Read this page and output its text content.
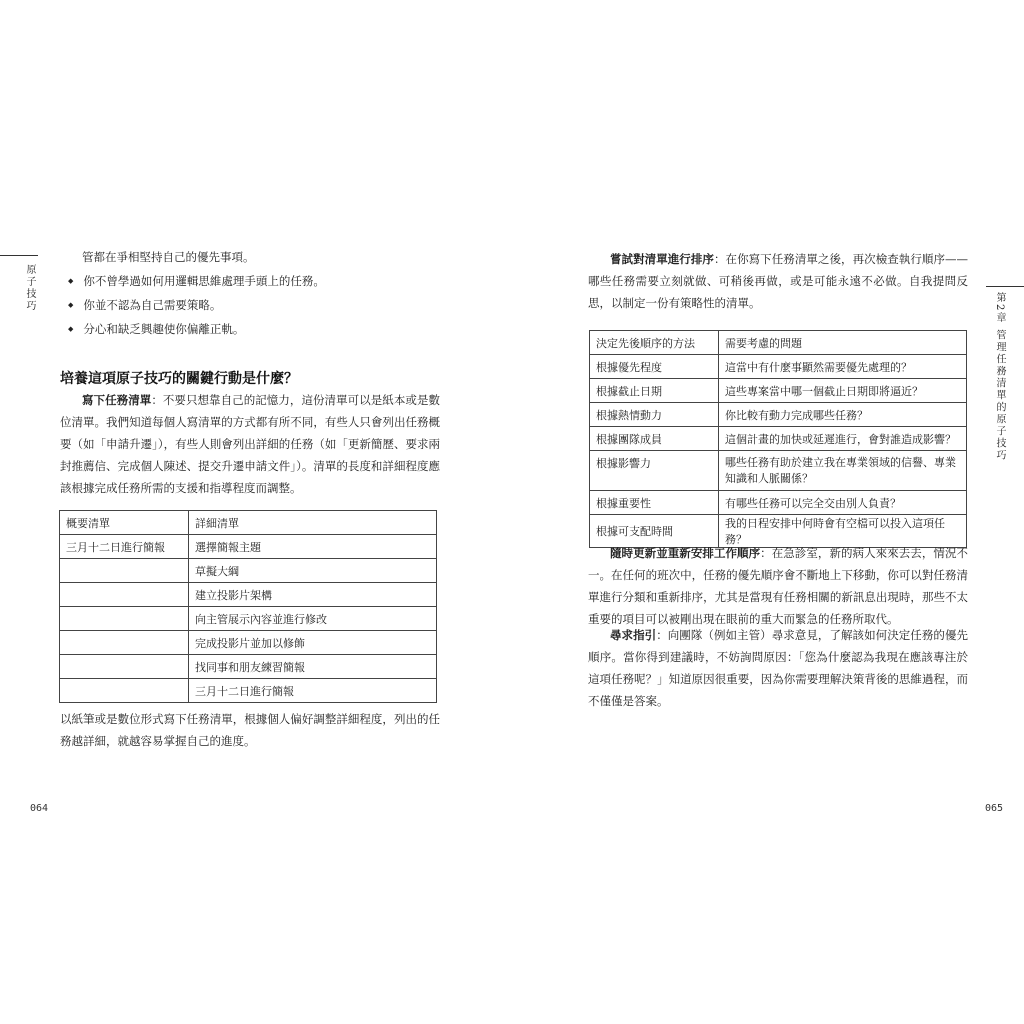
原子技巧
管都在爭相堅持自己的優先事項。
◆ 你不曾學過如何用邏輯思維處理手頭上的任務。
◆ 你並不認為自己需要策略。
◆ 分心和缺乏興趣使你偏離正軌。
培養這項原子技巧的關鍵行動是什麼？
寫下任務清單：不要只想靠自己的記憶力，這份清單可以是紙本或是數位清單。我們知道每個人寫清單的方式都有所不同，有些人只會列出任務概要（如「申請升遷」），有些人則會列出詳細的任務（如「更新簡歷、要求兩封推薦信、完成個人陳述、提交升遷申請文件」）。清單的長度和詳細程度應該根據完成任務所需的支援和指導程度而調整。
概要清單	詳細清單
三月十二日進行簡報	選擇簡報主題
	草擬大綱
	建立投影片架構
	向主管展示內容並進行修改
	完成投影片並加以修飾
	找同事和朋友練習簡報
	三月十二日進行簡報
以紙筆或是數位形式寫下任務清單，根據個人偏好調整詳細程度，列出的任務越詳細，就越容易掌握自己的進度。
064
嘗試對清單進行排序：在你寫下任務清單之後，再次檢查執行順序——哪些任務需要立刻就做、可稍後再做，或是可能永遠不必做。自我提問反思，以制定一份有策略性的清單。
決定先後順序的方法	需要考慮的問題
根據優先程度	這當中有什麼事顯然需要優先處理的？
根據截止日期	這些專案當中哪一個截止日期即將逼近？
根據熱情動力	你比較有動力完成哪些任務？
根據團隊成員	這個計畫的加快或延遲進行，會對誰造成影響？
根據影響力	哪些任務有助於建立我在專業領域的信譽、專業知識和人脈關係？
根據重要性	有哪些任務可以完全交由別人負責？
根據可支配時間	我的日程安排中何時會有空檔可以投入這項任務？
隨時更新並重新安排工作順序：在急診室，新的病人來來去去，情況不一。在任何的班次中，任務的優先順序會不斷地上下移動，你可以對任務清單進行分類和重新排序，尤其是當現有任務相關的新訊息出現時，那些不太重要的項目可以被剛出現在眼前的重大而緊急的任務所取代。
尋求指引：向團隊（例如主管）尋求意見，了解該如何決定任務的優先順序。當你得到建議時，不妨詢問原因：「您為什麼認為我現在應該專注於這項任務呢？」知道原因很重要，因為你需要理解決策背後的思維過程，而不僅僅是答案。
第2章 管理任務清單的原子技巧
065
